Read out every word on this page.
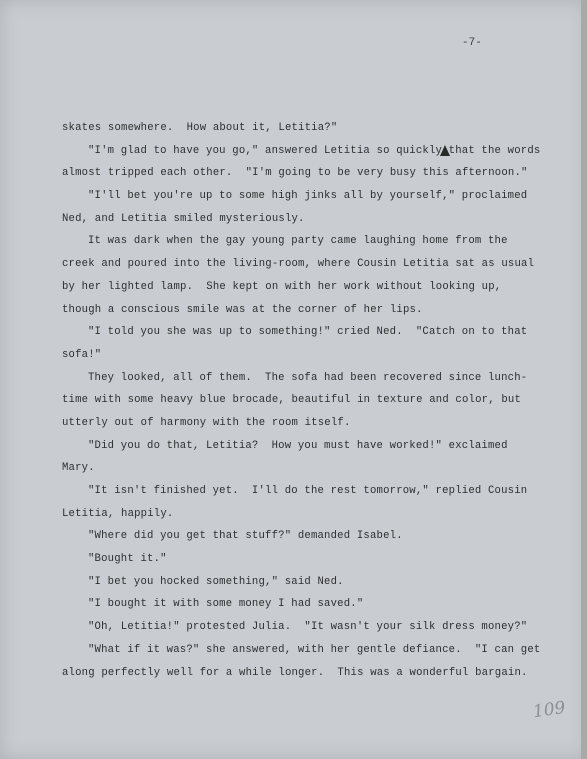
-7-
skates somewhere.  How about it, Letitia?"
"I'm glad to have you go," answered Letitia so quickly that the words
almost tripped each other.  "I'm going to be very busy this afternoon."
"I'll bet you're up to some high jinks all by yourself," proclaimed
Ned, and Letitia smiled mysteriously.
It was dark when the gay young party came laughing home from the
creek and poured into the living-room, where Cousin Letitia sat as usual
by her lighted lamp.  She kept on with her work without looking up,
though a conscious smile was at the corner of her lips.
"I told you she was up to something!" cried Ned.  "Catch on to that
sofa!"
They looked, all of them.  The sofa had been recovered since lunch-
time with some heavy blue brocade, beautiful in texture and color, but
utterly out of harmony with the room itself.
"Did you do that, Letitia?  How you must have worked!" exclaimed
Mary.
"It isn't finished yet.  I'll do the rest tomorrow," replied Cousin
Letitia, happily.
"Where did you get that stuff?" demanded Isabel.
"Bought it."
"I bet you hocked something," said Ned.
"I bought it with some money I had saved."
"Oh, Letitia!" protested Julia.  "It wasn't your silk dress money?"
"What if it was?" she answered, with her gentle defiance.  "I can get
along perfectly well for a while longer.  This was a wonderful bargain.
109
